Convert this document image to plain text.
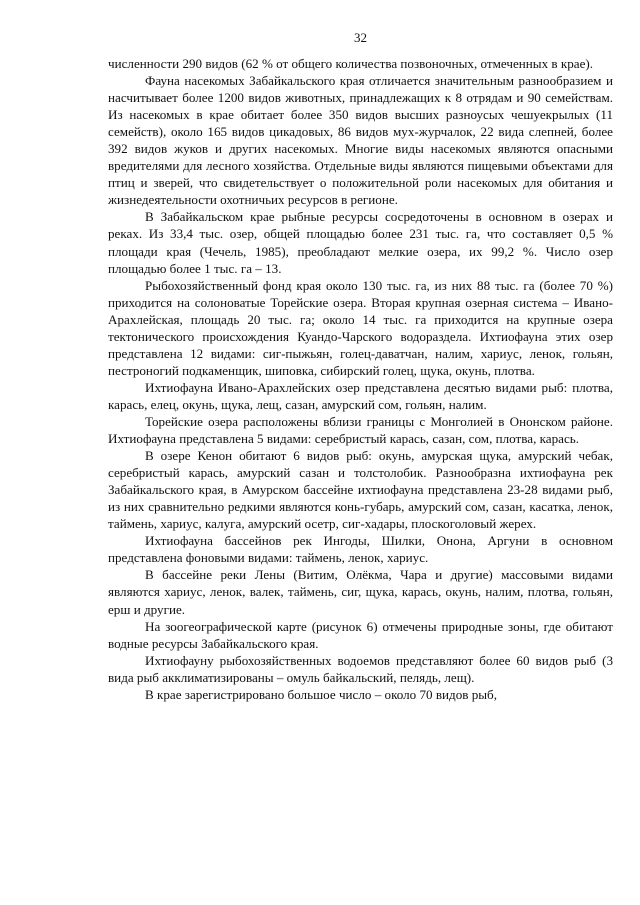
32

численности 290 видов (62 % от общего количества позвоночных, отмеченных в крае).

Фауна насекомых Забайкальского края отличается значительным разнообразием и насчитывает более 1200 видов животных, принадлежащих к 8 отрядам и 90 семействам. Из насекомых в крае обитает более 350 видов высших разноусых чешуекрылых (11 семейств), около 165 видов цикадовых, 86 видов мух-журчалок, 22 вида слепней, более 392 видов жуков и других насекомых. Многие виды насекомых являются опасными вредителями для лесного хозяйства. Отдельные виды являются пищевыми объектами для птиц и зверей, что свидетельствует о положительной роли насекомых для обитания и жизнедеятельности охотничьих ресурсов в регионе.

В Забайкальском крае рыбные ресурсы сосредоточены в основном в озерах и реках. Из 33,4 тыс. озер, общей площадью более 231 тыс. га, что составляет 0,5 % площади края (Чечель, 1985), преобладают мелкие озера, их 99,2 %. Число озер площадью более 1 тыс. га – 13.

Рыбохозяйственный фонд края около 130 тыс. га, из них 88 тыс. га (более 70 %) приходится на солоноватые Торейские озера. Вторая крупная озерная система – Ивано-Арахлейская, площадь 20 тыс. га; около 14 тыс. га приходится на крупные озера тектонического происхождения Куандо-Чарского водораздела. Ихтиофауна этих озер представлена 12 видами: сиг-пыжьян, голец-даватчан, налим, хариус, ленок, гольян, пестроногий подкаменщик, шиповка, сибирский голец, щука, окунь, плотва.

Ихтиофауна Ивано-Арахлейских озер представлена десятью видами рыб: плотва, карась, елец, окунь, щука, лещ, сазан, амурский сом, гольян, налим.

Торейские озера расположены вблизи границы с Монголией в Ононском районе. Ихтиофауна представлена 5 видами: серебристый карась, сазан, сом, плотва, карась.

В озере Кенон обитают 6 видов рыб: окунь, амурская щука, амурский чебак, серебристый карась, амурский сазан и толстолобик. Разнообразна ихтиофауна рек Забайкальского края, в Амурском бассейне ихтиофауна представлена 23-28 видами рыб, из них сравнительно редкими являются конь-губарь, амурский сом, сазан, касатка, ленок, таймень, хариус, калуга, амурский осетр, сиг-хадары, плоскоголовый жерех.

Ихтиофауна бассейнов рек Ингоды, Шилки, Онона, Аргуни в основном представлена фоновыми видами: таймень, ленок, хариус.

В бассейне реки Лены (Витим, Олёкма, Чара и другие) массовыми видами являются хариус, ленок, валек, таймень, сиг, щука, карась, окунь, налим, плотва, гольян, ерш и другие.

На зоогеографической карте (рисунок 6) отмечены природные зоны, где обитают водные ресурсы Забайкальского края.

Ихтиофауну рыбохозяйственных водоемов представляют более 60 видов рыб (3 вида рыб акклиматизированы – омуль байкальский, пелядь, лещ).

В крае зарегистрировано большое число – около 70 видов рыб,
